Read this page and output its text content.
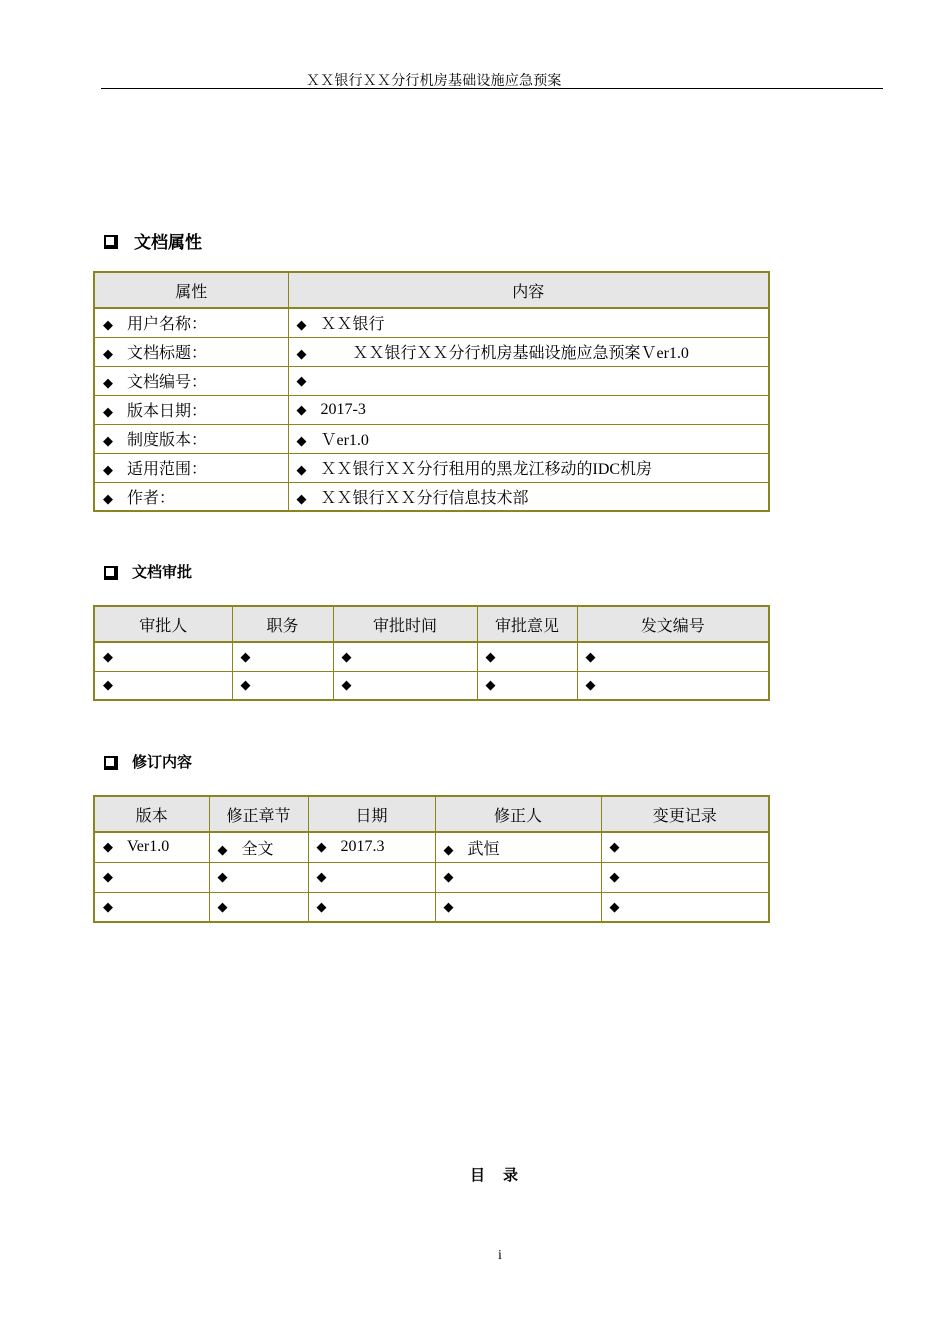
ＸＸ银行ＸＸ分行机房基础设施应急预案
文档属性
属性	内容
◆ 用户名称：	◆ ＸＸ银行
◆ 文档标题：	◆　　ＸＸ银行ＸＸ分行机房基础设施应急预案Ｖer1.0
◆ 文档编号：	◆
◆ 版本日期：	◆ 2017-3
◆ 制度版本：	◆ Ｖer1.0
◆ 适用范围：	◆ ＸＸ银行ＸＸ分行租用的黑龙江移动的IDC机房
◆ 作者：	◆ ＸＸ银行ＸＸ分行信息技术部
文档审批
审批人	职务	审批时间	审批意见	发文编号
◆	◆	◆	◆	◆
◆	◆	◆	◆	◆
修订内容
版本	修正章节	日期	修正人	变更记录
◆ Ver1.0	◆ 全文	◆ 2017.3	◆ 武恒	◆
◆	◆	◆	◆	◆
◆	◆	◆	◆	◆
目录
i
